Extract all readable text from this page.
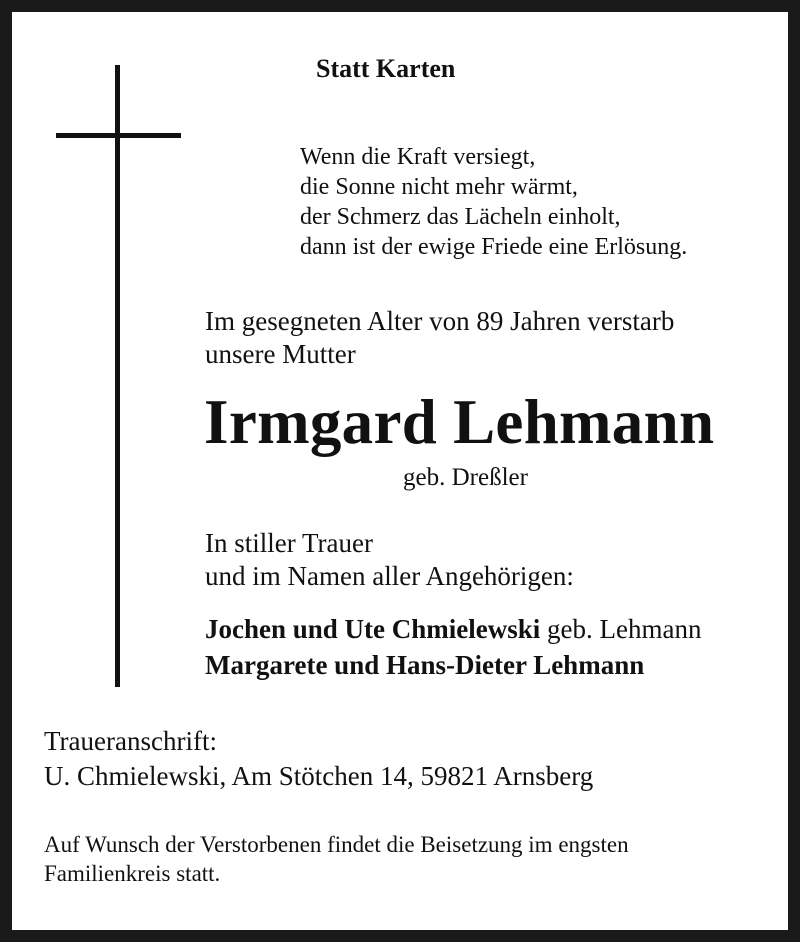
Statt Karten
Wenn die Kraft versiegt,
die Sonne nicht mehr wärmt,
der Schmerz das Lächeln einholt,
dann ist der ewige Friede eine Erlösung.
Im gesegneten Alter von 89 Jahren verstarb
unsere Mutter
Irmgard Lehmann
geb. Dreßler
In stiller Trauer
und im Namen aller Angehörigen:
Jochen und Ute Chmielewski geb. Lehmann
Margarete und Hans-Dieter Lehmann
Traueranschrift:
U. Chmielewski, Am Stötchen 14, 59821 Arnsberg
Auf Wunsch der Verstorbenen findet die Beisetzung im engsten
Familienkreis statt.
